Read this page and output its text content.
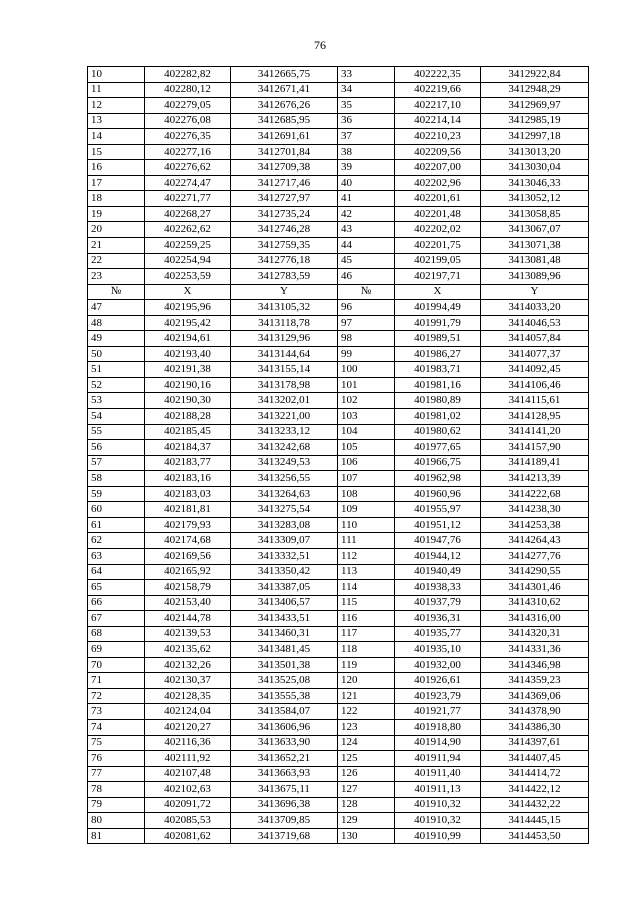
76
10	402282,82	3412665,75	33	402222,35	3412922,84
11	402280,12	3412671,41	34	402219,66	3412948,29
12	402279,05	3412676,26	35	402217,10	3412969,97
13	402276,08	3412685,95	36	402214,14	3412985,19
14	402276,35	3412691,61	37	402210,23	3412997,18
15	402277,16	3412701,84	38	402209,56	3413013,20
16	402276,62	3412709,38	39	402207,00	3413030,04
17	402274,47	3412717,46	40	402202,96	3413046,33
18	402271,77	3412727,97	41	402201,61	3413052,12
19	402268,27	3412735,24	42	402201,48	3413058,85
20	402262,62	3412746,28	43	402202,02	3413067,07
21	402259,25	3412759,35	44	402201,75	3413071,38
22	402254,94	3412776,18	45	402199,05	3413081,48
23	402253,59	3412783,59	46	402197,71	3413089,96
№	X	Y	№	X	Y
47	402195,96	3413105,32	96	401994,49	3414033,20
48	402195,42	3413118,78	97	401991,79	3414046,53
49	402194,61	3413129,96	98	401989,51	3414057,84
50	402193,40	3413144,64	99	401986,27	3414077,37
51	402191,38	3413155,14	100	401983,71	3414092,45
52	402190,16	3413178,98	101	401981,16	3414106,46
53	402190,30	3413202,01	102	401980,89	3414115,61
54	402188,28	3413221,00	103	401981,02	3414128,95
55	402185,45	3413233,12	104	401980,62	3414141,20
56	402184,37	3413242,68	105	401977,65	3414157,90
57	402183,77	3413249,53	106	401966,75	3414189,41
58	402183,16	3413256,55	107	401962,98	3414213,39
59	402183,03	3413264,63	108	401960,96	3414222,68
60	402181,81	3413275,54	109	401955,97	3414238,30
61	402179,93	3413283,08	110	401951,12	3414253,38
62	402174,68	3413309,07	111	401947,76	3414264,43
63	402169,56	3413332,51	112	401944,12	3414277,76
64	402165,92	3413350,42	113	401940,49	3414290,55
65	402158,79	3413387,05	114	401938,33	3414301,46
66	402153,40	3413406,57	115	401937,79	3414310,62
67	402144,78	3413433,51	116	401936,31	3414316,00
68	402139,53	3413460,31	117	401935,77	3414320,31
69	402135,62	3413481,45	118	401935,10	3414331,36
70	402132,26	3413501,38	119	401932,00	3414346,98
71	402130,37	3413525,08	120	401926,61	3414359,23
72	402128,35	3413555,38	121	401923,79	3414369,06
73	402124,04	3413584,07	122	401921,77	3414378,90
74	402120,27	3413606,96	123	401918,80	3414386,30
75	402116,36	3413633,90	124	401914,90	3414397,61
76	402111,92	3413652,21	125	401911,94	3414407,45
77	402107,48	3413663,93	126	401911,40	3414414,72
78	402102,63	3413675,11	127	401911,13	3414422,12
79	402091,72	3413696,38	128	401910,32	3414432,22
80	402085,53	3413709,85	129	401910,32	3414445,15
81	402081,62	3413719,68	130	401910,99	3414453,50
